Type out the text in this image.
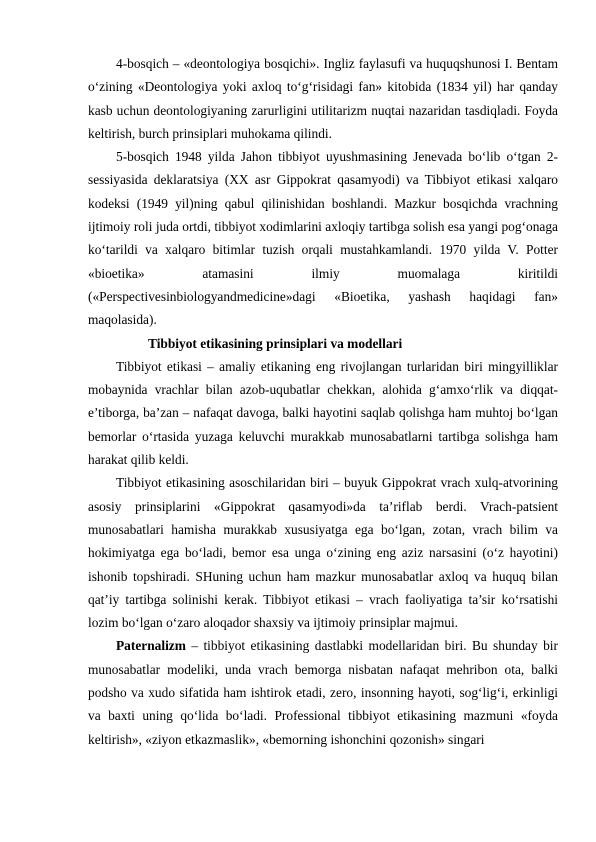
4-bosqich – «deontologiya bosqichi». Ingliz faylasufi va huquqshunosi I. Bentam o‘zining «Deontologiya yoki axloq to‘g‘risidagi fan» kitobida (1834 yil) har qanday kasb uchun deontologiyaning zarurligini utilitarizm nuqtai nazaridan tasdiqladi. Foyda keltirish, burch prinsiplari muhokama qilindi.

5-bosqich 1948 yilda Jahon tibbiyot uyushmasining Jenevada bo‘lib o‘tgan 2-sessiyasida deklaratsiya (XX asr Gippokrat qasamyodi) va Tibbiyot etikasi xalqaro kodeksi (1949 yil)ning qabul qilinishidan boshlandi. Mazkur bosqichda vrachning ijtimoiy roli juda ortdi, tibbiyot xodimlarini axloqiy tartibga solish esa yangi pog‘onaga ko‘tarildi va xalqaro bitimlar tuzish orqali mustahkamlandi. 1970 yilda V. Potter «bioetika» atamasini ilmiy muomalaga kiritildi («Perspectivesinbiologyandmedicine»dagi «Bioetika, yashash haqidagi fan» maqolasida).

Tibbiyot etikasining prinsiplari va modellari

Tibbiyot etikasi – amaliy etikaning eng rivojlangan turlaridan biri mingyilliklar mobaynida vrachlar bilan azob-uqubatlar chekkan, alohida g‘amxo‘rlik va diqqat-e’tiborga, ba’zan – nafaqat davoga, balki hayotini saqlab qolishga ham muhtoj bo‘lgan bemorlar o‘rtasida yuzaga keluvchi murakkab munosabatlarni tartibga solishga ham harakat qilib keldi.

Tibbiyot etikasining asoschilaridan biri – buyuk Gippokrat vrach xulq-atvorining asosiy prinsiplarini «Gippokrat qasamyodi»da ta’riflab berdi. Vrach-patsient munosabatlari hamisha murakkab xususiyatga ega bo‘lgan, zotan, vrach bilim va hokimiyatga ega bo‘ladi, bemor esa unga o‘zining eng aziz narsasini (o‘z hayotini) ishonib topshiradi. SHuning uchun ham mazkur munosabatlar axloq va huquq bilan qat’iy tartibga solinishi kerak. Tibbiyot etikasi – vrach faoliyatiga ta’sir ko‘rsatishi lozim bo‘lgan o‘zaro aloqador shaxsiy va ijtimoiy prinsiplar majmui.

Paternalizm – tibbiyot etikasining dastlabki modellaridan biri. Bu shunday bir munosabatlar modeliki, unda vrach bemorga nisbatan nafaqat mehribon ota, balki podsho va xudo sifatida ham ishtirok etadi, zero, insonning hayoti, sog‘lig‘i, erkinligi va baxti uning qo‘lida bo‘ladi. Professional tibbiyot etikasining mazmuni «foyda keltirish», «ziyon etkazmaslik», «bemorning ishonchini qozonish» singari
